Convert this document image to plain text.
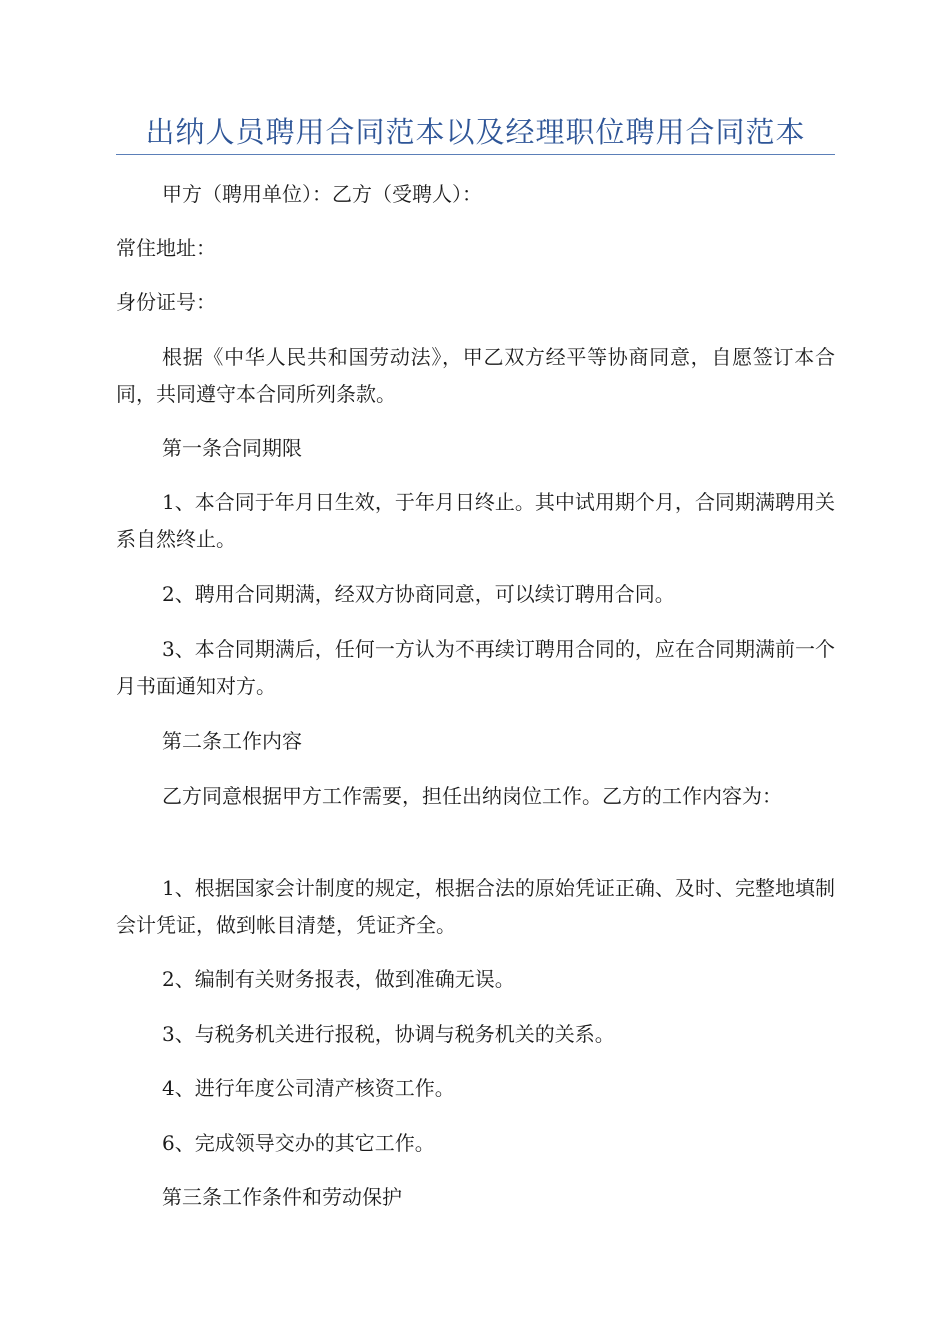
出纳人员聘用合同范本以及经理职位聘用合同范本

甲方（聘用单位）：乙方（受聘人）：

常住地址：

身份证号：

根据《中华人民共和国劳动法》，甲乙双方经平等协商同意，自愿签订本合同，共同遵守本合同所列条款。

第一条合同期限

1、本合同于年月日生效，于年月日终止。其中试用期个月，合同期满聘用关系自然终止。

2、聘用合同期满，经双方协商同意，可以续订聘用合同。

3、本合同期满后，任何一方认为不再续订聘用合同的，应在合同期满前一个月书面通知对方。

第二条工作内容

乙方同意根据甲方工作需要，担任出纳岗位工作。乙方的工作内容为：

1、根据国家会计制度的规定，根据合法的原始凭证正确、及时、完整地填制会计凭证，做到帐目清楚，凭证齐全。

2、编制有关财务报表，做到准确无误。

3、与税务机关进行报税，协调与税务机关的关系。

4、进行年度公司清产核资工作。

6、完成领导交办的其它工作。

第三条工作条件和劳动保护
